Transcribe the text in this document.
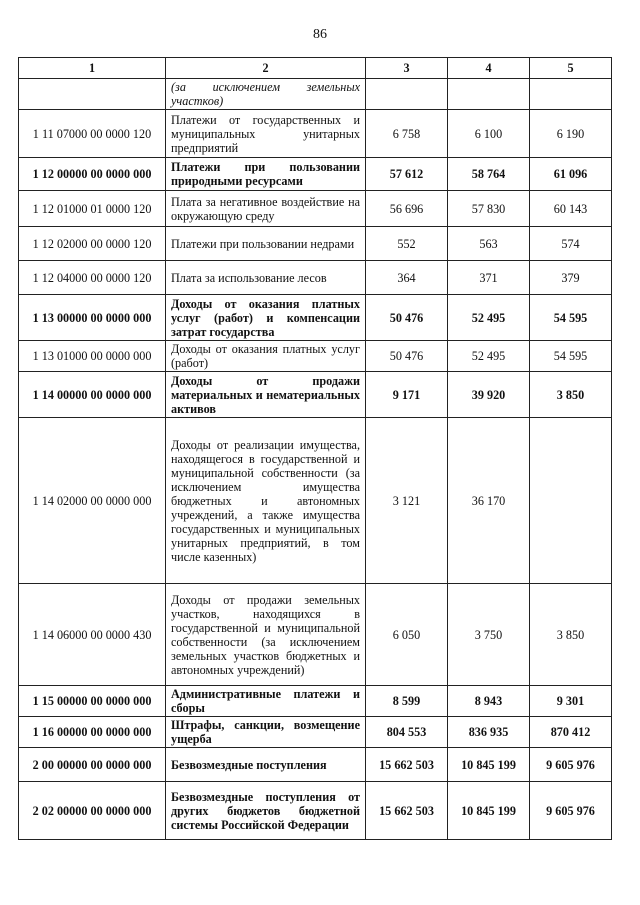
86
1	2	3	4	5
	(за исключением земельных участков)			
1 11 07000 00 0000 120	Платежи от государственных и муниципальных унитарных предприятий	6 758	6 100	6 190
1 12 00000 00 0000 000	Платежи при пользовании природными ресурсами	57 612	58 764	61 096
1 12 01000 01 0000 120	Плата за негативное воздействие на окружающую среду	56 696	57 830	60 143
1 12 02000 00 0000 120	Платежи при пользовании недрами	552	563	574
1 12 04000 00 0000 120	Плата за использование лесов	364	371	379
1 13 00000 00 0000 000	Доходы от оказания платных услуг (работ) и компенсации затрат государства	50 476	52 495	54 595
1 13 01000 00 0000 000	Доходы от оказания платных услуг (работ)	50 476	52 495	54 595
1 14 00000 00 0000 000	Доходы от продажи материальных и нематериальных активов	9 171	39 920	3 850
1 14 02000 00 0000 000	Доходы от реализации имущества, находящегося в государственной и муниципальной собственности (за исключением имущества бюджетных и автономных учреждений, а также имущества государственных и муниципальных унитарных предприятий, в том числе казенных)	3 121	36 170	
1 14 06000 00 0000 430	Доходы от продажи земельных участков, находящихся в государственной и муниципальной собственности (за исключением земельных участков бюджетных и автономных учреждений)	6 050	3 750	3 850
1 15 00000 00 0000 000	Административные платежи и сборы	8 599	8 943	9 301
1 16 00000 00 0000 000	Штрафы, санкции, возмещение ущерба	804 553	836 935	870 412
2 00 00000 00 0000 000	Безвозмездные поступления	15 662 503	10 845 199	9 605 976
2 02 00000 00 0000 000	Безвозмездные поступления от других бюджетов бюджетной системы Российской Федерации	15 662 503	10 845 199	9 605 976
